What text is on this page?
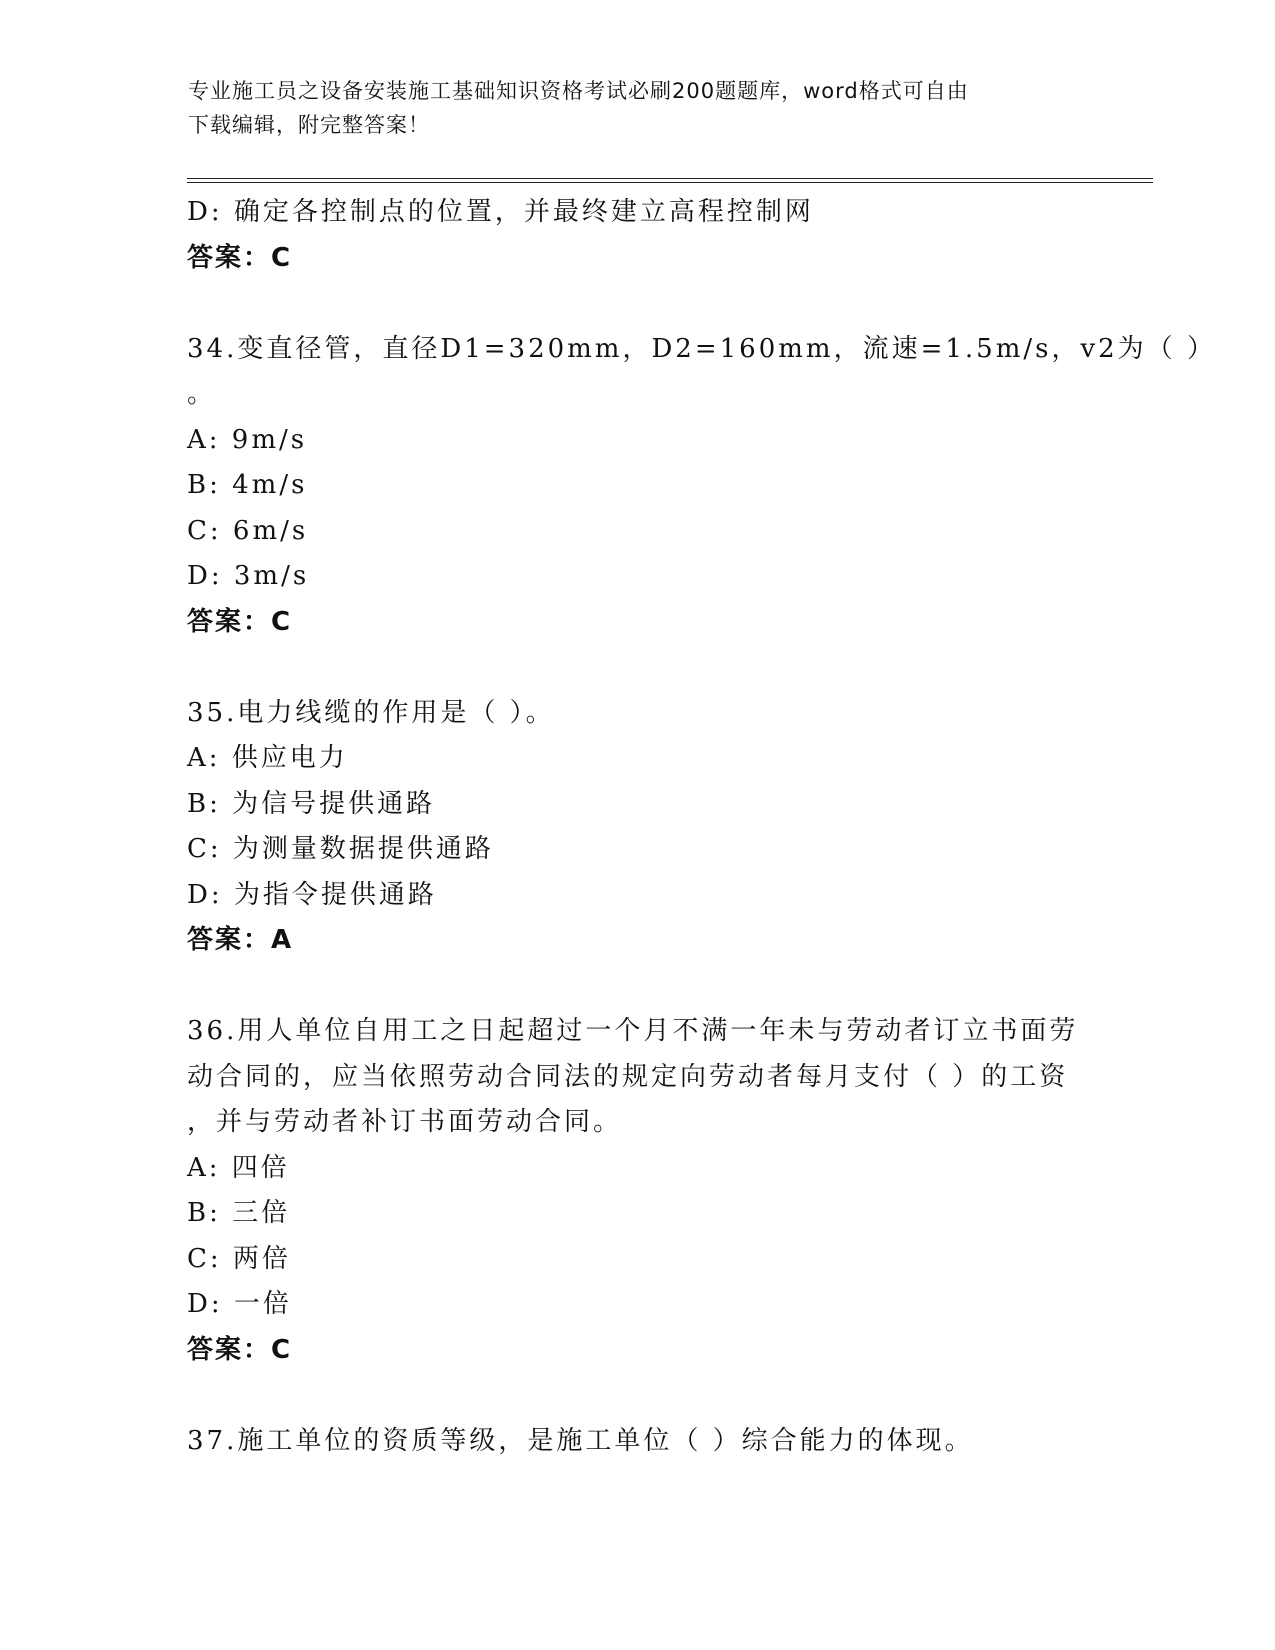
专业施工员之设备安装施工基础知识资格考试必刷200题题库，word格式可自由
下载编辑，附完整答案！
D: 确定各控制点的位置，并最终建立高程控制网
答案：C
34.变直径管，直径D1=320mm，D2=160mm，流速=1.5m/s，v2为（ ）
。
A: 9m/s
B: 4m/s
C: 6m/s
D: 3m/s
答案：C
35.电力线缆的作用是（ ）。
A: 供应电力
B: 为信号提供通路
C: 为测量数据提供通路
D: 为指令提供通路
答案：A
36.用人单位自用工之日起超过一个月不满一年未与劳动者订立书面劳
动合同的，应当依照劳动合同法的规定向劳动者每月支付（ ）的工资
，并与劳动者补订书面劳动合同。
A: 四倍
B: 三倍
C: 两倍
D: 一倍
答案：C
37.施工单位的资质等级，是施工单位（ ）综合能力的体现。
